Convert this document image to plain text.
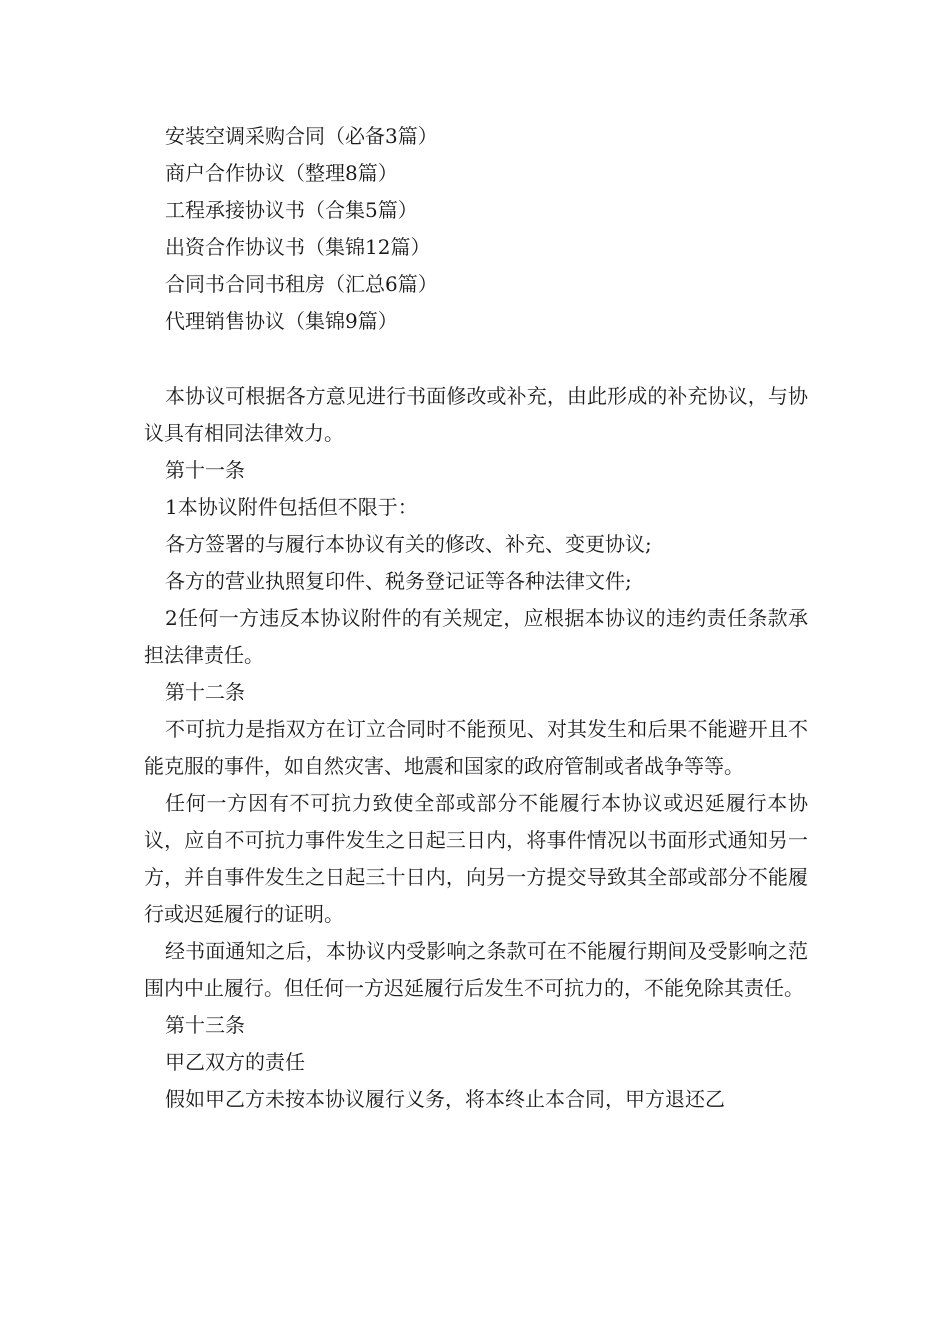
安装空调采购合同（必备3篇）
商户合作协议（整理8篇）
工程承接协议书（合集5篇）
出资合作协议书（集锦12篇）
合同书合同书租房（汇总6篇）
代理销售协议（集锦9篇）

本协议可根据各方意见进行书面修改或补充，由此形成的补充协议，与协议具有相同法律效力。

第十一条

1本协议附件包括但不限于：

各方签署的与履行本协议有关的修改、补充、变更协议;

各方的营业执照复印件、税务登记证等各种法律文件;

2任何一方违反本协议附件的有关规定，应根据本协议的违约责任条款承担法律责任。

第十二条

不可抗力是指双方在订立合同时不能预见、对其发生和后果不能避开且不能克服的事件，如自然灾害、地震和国家的政府管制或者战争等等。

任何一方因有不可抗力致使全部或部分不能履行本协议或迟延履行本协议，应自不可抗力事件发生之日起三日内，将事件情况以书面形式通知另一方，并自事件发生之日起三十日内，向另一方提交导致其全部或部分不能履行或迟延履行的证明。

经书面通知之后，本协议内受影响之条款可在不能履行期间及受影响之范围内中止履行。但任何一方迟延履行后发生不可抗力的，不能免除其责任。

第十三条

甲乙双方的责任

假如甲乙方未按本协议履行义务，将本终止本合同，甲方退还乙
